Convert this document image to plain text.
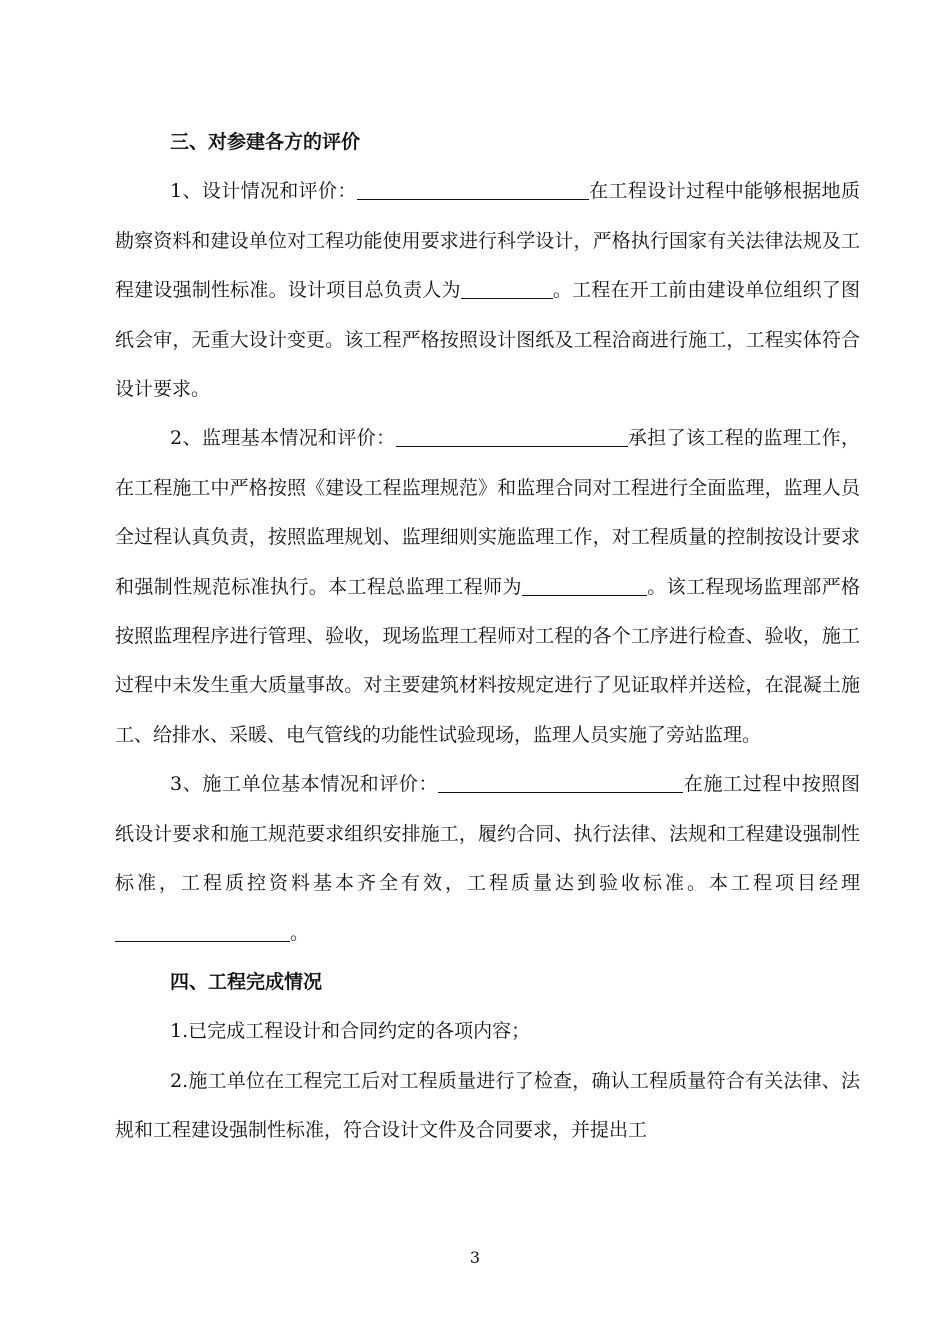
三、对参建各方的评价

1、设计情况和评价：	在工程设计过程中能够根据地质勘察资料和建设单位对工程功能使用要求进行科学设计，严格执行国家有关法律法规及工程建设强制性标准。设计项目总负责人为	。工程在开工前由建设单位组织了图纸会审，无重大设计变更。该工程严格按照设计图纸及工程洽商进行施工，工程实体符合设计要求。

2、监理基本情况和评价：	承担了该工程的监理工作，在工程施工中严格按照《建设工程监理规范》和监理合同对工程进行全面监理，监理人员全过程认真负责，按照监理规划、监理细则实施监理工作，对工程质量的控制按设计要求和强制性规范标准执行。本工程总监理工程师为	。该工程现场监理部严格按照监理程序进行管理、验收，现场监理工程师对工程的各个工序进行检查、验收，施工过程中未发生重大质量事故。对主要建筑材料按规定进行了见证取样并送检，在混凝土施工、给排水、采暖、电气管线的功能性试验现场，监理人员实施了旁站监理。

3、施工单位基本情况和评价：	在施工过程中按照图纸设计要求和施工规范要求组织安排施工，履约合同、执行法律、法规和工程建设强制性标准，工程质控资料基本齐全有效，工程质量达到验收标准。本工程项目经理。

四、工程完成情况

1.已完成工程设计和合同约定的各项内容；

2.施工单位在工程完工后对工程质量进行了检查，确认工程质量符合有关法律、法规和工程建设强制性标准，符合设计文件及合同要求，并提出工

3
